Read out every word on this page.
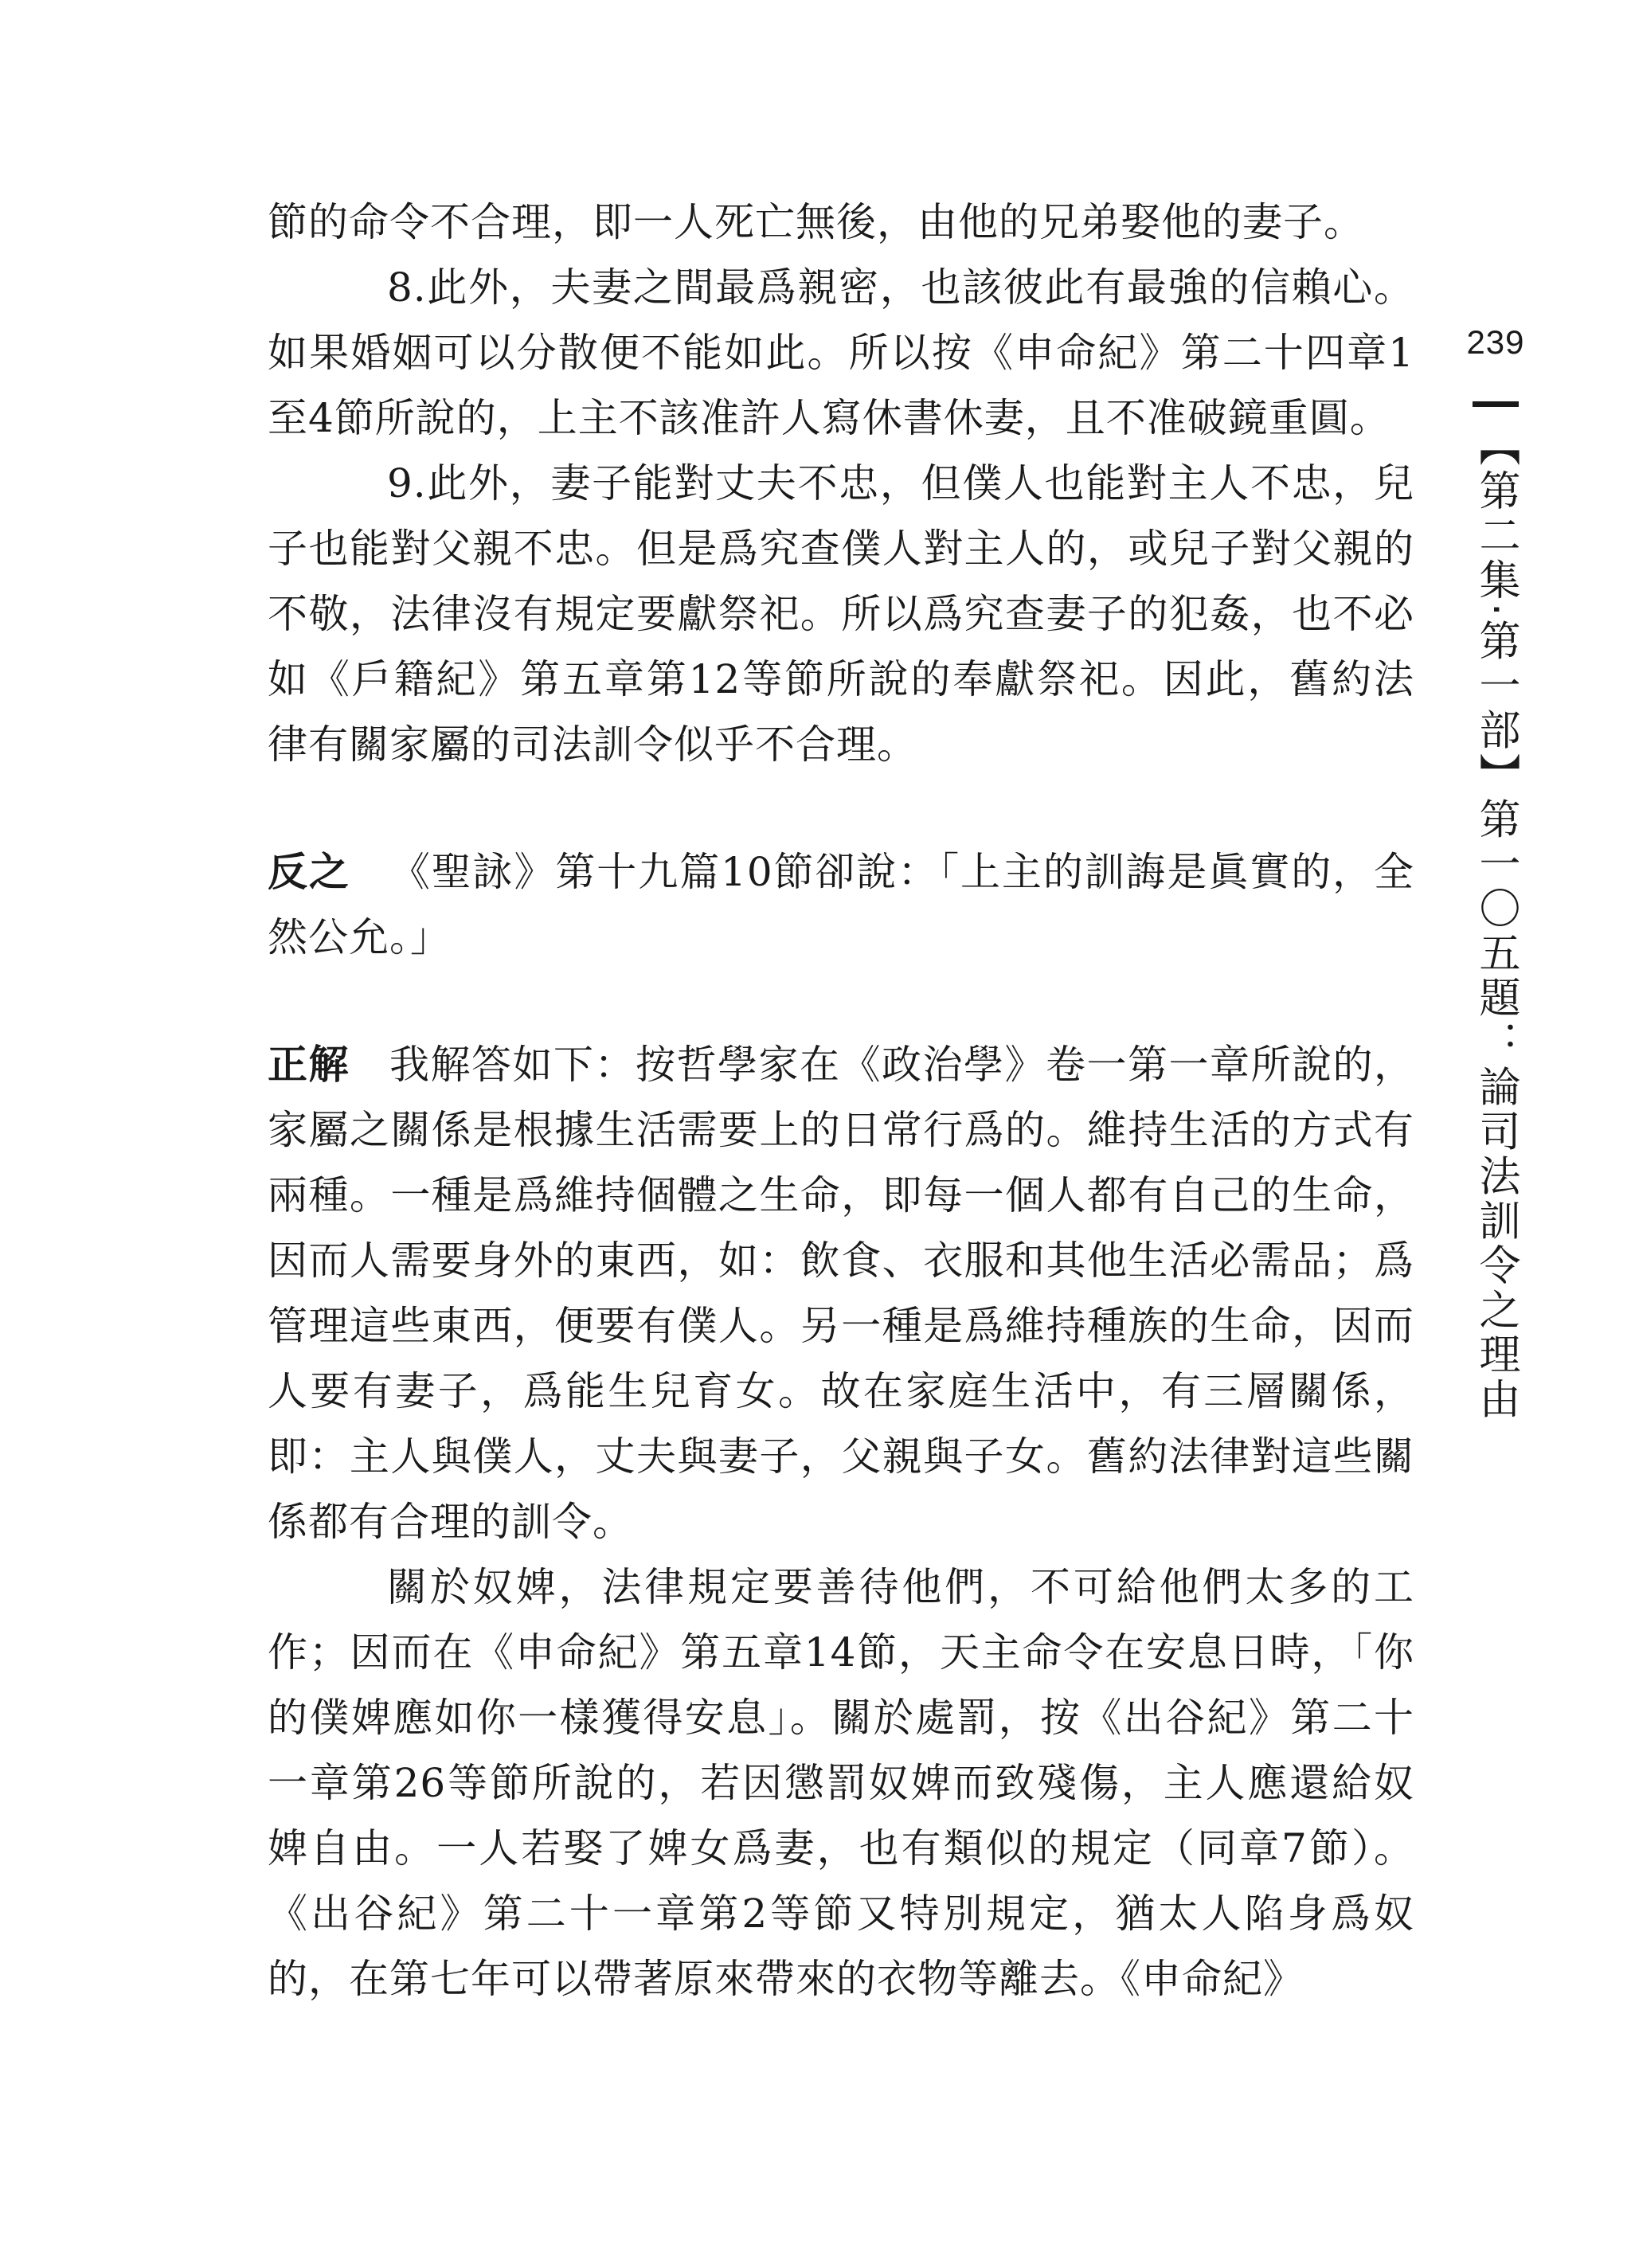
節的命令不合理，即一人死亡無後，由他的兄弟娶他的妻子。

8.此外，夫妻之間最爲親密，也該彼此有最強的信賴心。如果婚姻可以分散便不能如此。所以按《申命紀》第二十四章1至4節所說的，上主不該准許人寫休書休妻，且不准破鏡重圓。

9.此外，妻子能對丈夫不忠，但僕人也能對主人不忠，兒子也能對父親不忠。但是爲究查僕人對主人的，或兒子對父親的不敬，法律沒有規定要獻祭祀。所以爲究查妻子的犯姦，也不必如《戶籍紀》第五章第12等節所說的奉獻祭祀。因此，舊約法律有關家屬的司法訓令似乎不合理。

反之 《聖詠》第十九篇10節卻說：「上主的訓誨是眞實的，全然公允。」

正解 我解答如下：按哲學家在《政治學》卷一第一章所說的，家屬之關係是根據生活需要上的日常行爲的。維持生活的方式有兩種。一種是爲維持個體之生命，即每一個人都有自己的生命，因而人需要身外的東西，如：飲食、衣服和其他生活必需品；爲管理這些東西，便要有僕人。另一種是爲維持種族的生命，因而人要有妻子，爲能生兒育女。故在家庭生活中，有三層關係，即：主人與僕人，丈夫與妻子，父親與子女。舊約法律對這些關係都有合理的訓令。

關於奴婢，法律規定要善待他們，不可給他們太多的工作；因而在《申命紀》第五章14節，天主命令在安息日時，「你的僕婢應如你一樣獲得安息」。關於處罰，按《出谷紀》第二十一章第26等節所說的，若因懲罰奴婢而致殘傷，主人應還給奴婢自由。一人若娶了婢女爲妻，也有類似的規定（同章7節）。《出谷紀》第二十一章第2等節又特別規定，猶太人陷身爲奴的，在第七年可以帶著原來帶來的衣物等離去。《申命紀》

239
【第二集·第一部】第一〇五題：論司法訓令之理由
